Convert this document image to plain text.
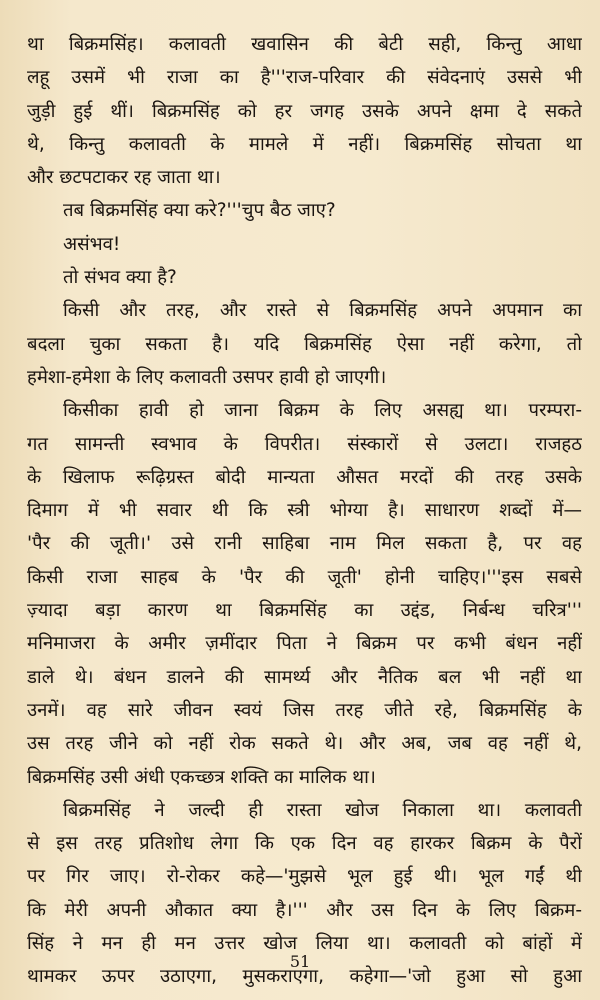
था बिक्रमसिंह। कलावती खवासिन की बेटी सही, किन्तु आधा
लहू उसमें भी राजा का है'''राज-परिवार की संवेदनाएं उससे भी
जुड़ी हुई थीं। बिक्रमसिंह को हर जगह उसके अपने क्षमा दे सकते
थे, किन्तु कलावती के मामले में नहीं। बिक्रमसिंह सोचता था
और छटपटाकर रह जाता था।
तब बिक्रमसिंह क्या करे?'''चुप बैठ जाए?
असंभव!
तो संभव क्या है?
किसी और तरह, और रास्ते से बिक्रमसिंह अपने अपमान का
बदला चुका सकता है। यदि बिक्रमसिंह ऐसा नहीं करेगा, तो
हमेशा-हमेशा के लिए कलावती उसपर हावी हो जाएगी।
किसीका हावी हो जाना बिक्रम के लिए असह्य था। परम्परा-
गत सामन्ती स्वभाव के विपरीत। संस्कारों से उलटा। राजहठ
के खिलाफ रूढ़िग्रस्त बोदी मान्यता औसत मरदों की तरह उसके
दिमाग में भी सवार थी कि स्त्री भोग्या है। साधारण शब्दों में—
'पैर की जूती।' उसे रानी साहिबा नाम मिल सकता है, पर वह
किसी राजा साहब के 'पैर की जूती' होनी चाहिए।'''इस सबसे
ज़्यादा बड़ा कारण था बिक्रमसिंह का उद्दंड, निर्बन्ध चरित्र'''
मनिमाजरा के अमीर ज़मींदार पिता ने बिक्रम पर कभी बंधन नहीं
डाले थे। बंधन डालने की सामर्थ्य और नैतिक बल भी नहीं था
उनमें। वह सारे जीवन स्वयं जिस तरह जीते रहे, बिक्रमसिंह के
उस तरह जीने को नहीं रोक सकते थे। और अब, जब वह नहीं थे,
बिक्रमसिंह उसी अंधी एकच्छत्र शक्ति का मालिक था।
बिक्रमसिंह ने जल्दी ही रास्ता खोज निकाला था। कलावती
से इस तरह प्रतिशोध लेगा कि एक दिन वह हारकर बिक्रम के पैरों
पर गिर जाए। रो-रोकर कहे—'मुझसे भूल हुई थी। भूल गईं थी
कि मेरी अपनी औकात क्या है।''' और उस दिन के लिए बिक्रम-
सिंह ने मन ही मन उत्तर खोज लिया था। कलावती को बांहों में
थामकर ऊपर उठाएगा, मुसकराएगा, कहेगा—'जो हुआ सो हुआ
51
